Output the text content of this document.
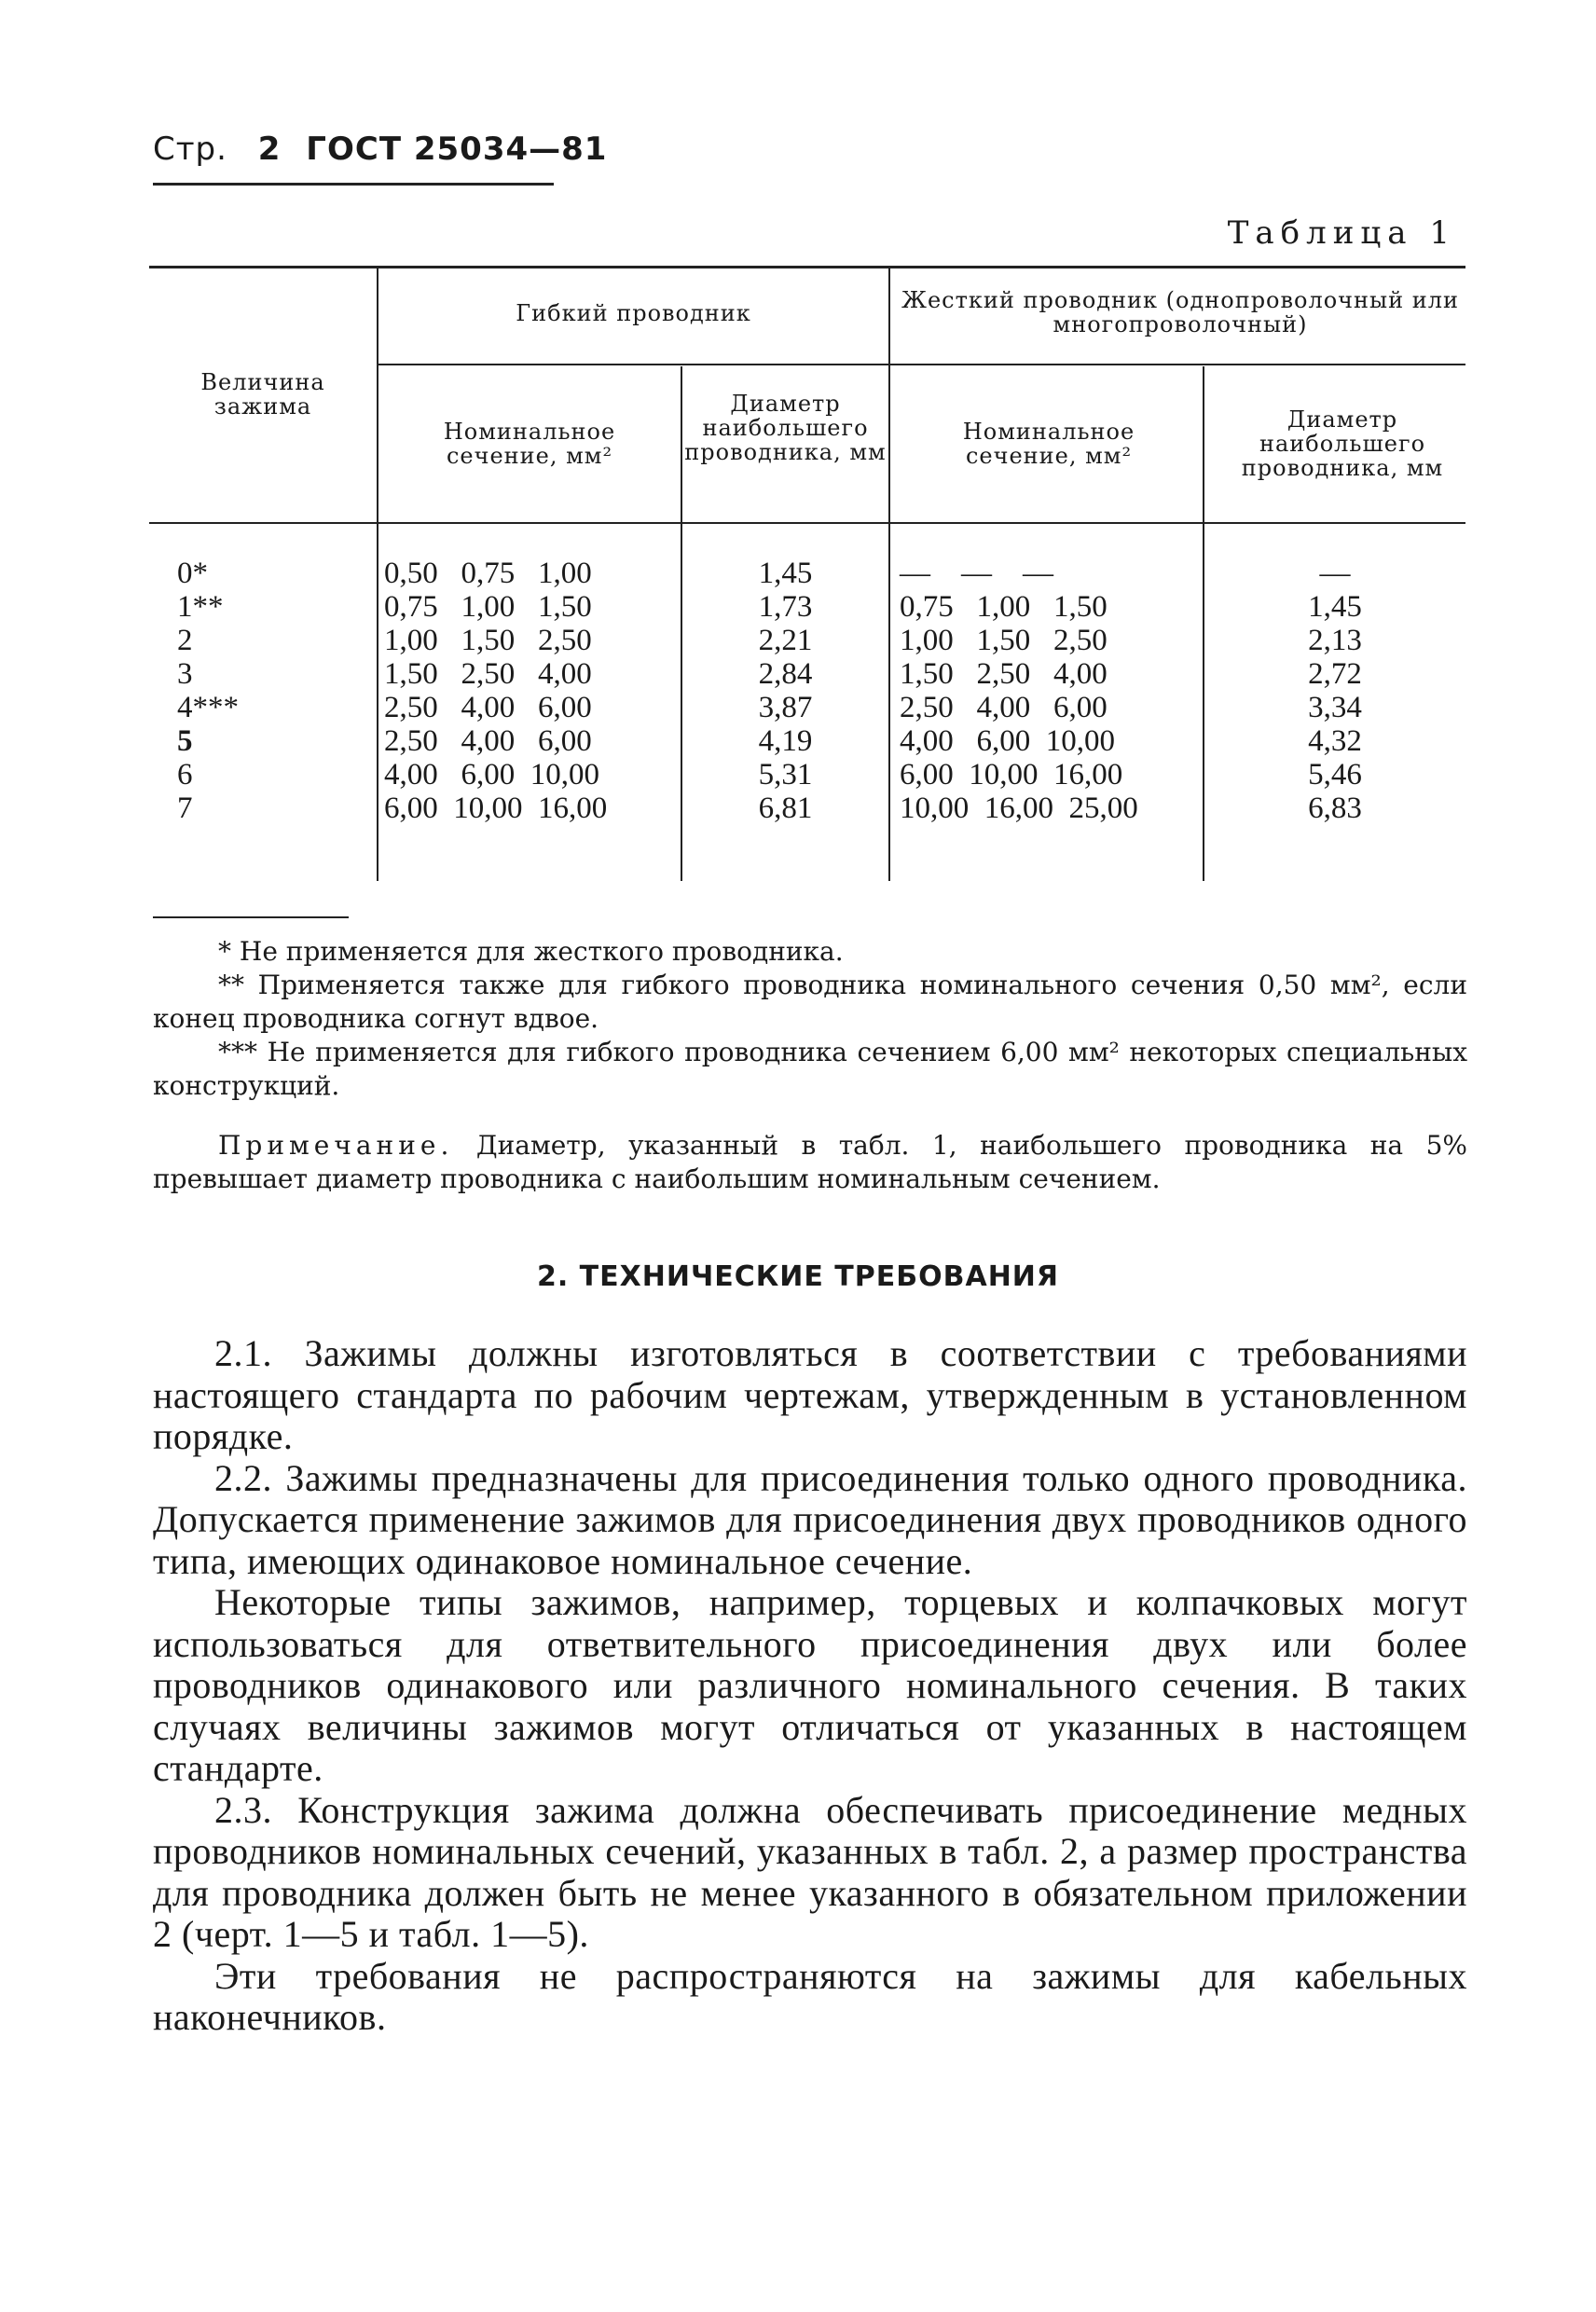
Стр. 2 ГОСТ 25034—81
Таблица 1
Величина зажима
Гибкий проводник	Жесткий проводник (однопроволочный или многопроволочный)
Номинальное сечение, мм²
Диаметр наибольшего проводника, мм
Номинальное сечение, мм²
Диаметр наибольшего проводника, мм
0*	0,50   0,75   1,00	1,45	—    —    —	—
1**	0,75   1,00   1,50	1,73	0,75   1,00   1,50	1,45
2	1,00   1,50   2,50	2,21	1,00   1,50   2,50	2,13
3	1,50   2,50   4,00	2,84	1,50   2,50   4,00	2,72
4***	2,50   4,00   6,00	3,87	2,50   4,00   6,00	3,34
5	2,50   4,00   6,00	4,19	4,00   6,00  10,00	4,32
6	4,00   6,00  10,00	5,31	6,00  10,00  16,00	5,46
7	6,00  10,00  16,00	6,81	10,00  16,00  25,00	6,83

* Не применяется для жесткого проводника.

** Применяется также для гибкого проводника номинального сечения 0,50 мм², если конец проводника согнут вдвое.

*** Не применяется для гибкого проводника сечением 6,00 мм² некоторых специальных конструкций.

Примечание. Диаметр, указанный в табл. 1, наибольшего проводника на 5% превышает диаметр проводника с наибольшим номинальным сечением.

2. ТЕХНИЧЕСКИЕ ТРЕБОВАНИЯ

2.1. Зажимы должны изготовляться в соответствии с требованиями настоящего стандарта по рабочим чертежам, утвержденным в установленном порядке.

2.2. Зажимы предназначены для присоединения только одного проводника. Допускается применение зажимов для присоединения двух проводников одного типа, имеющих одинаковое номинальное сечение.

Некоторые типы зажимов, например, торцевых и колпачковых могут использоваться для ответвительного присоединения двух или более проводников одинакового или различного номинального сечения. В таких случаях величины зажимов могут отличаться от указанных в настоящем стандарте.

2.3. Конструкция зажима должна обеспечивать присоединение медных проводников номинальных сечений, указанных в табл. 2, а размер пространства для проводника должен быть не менее указанного в обязательном приложении 2 (черт. 1—5 и табл. 1—5).

Эти требования не распространяются на зажимы для кабельных наконечников.
